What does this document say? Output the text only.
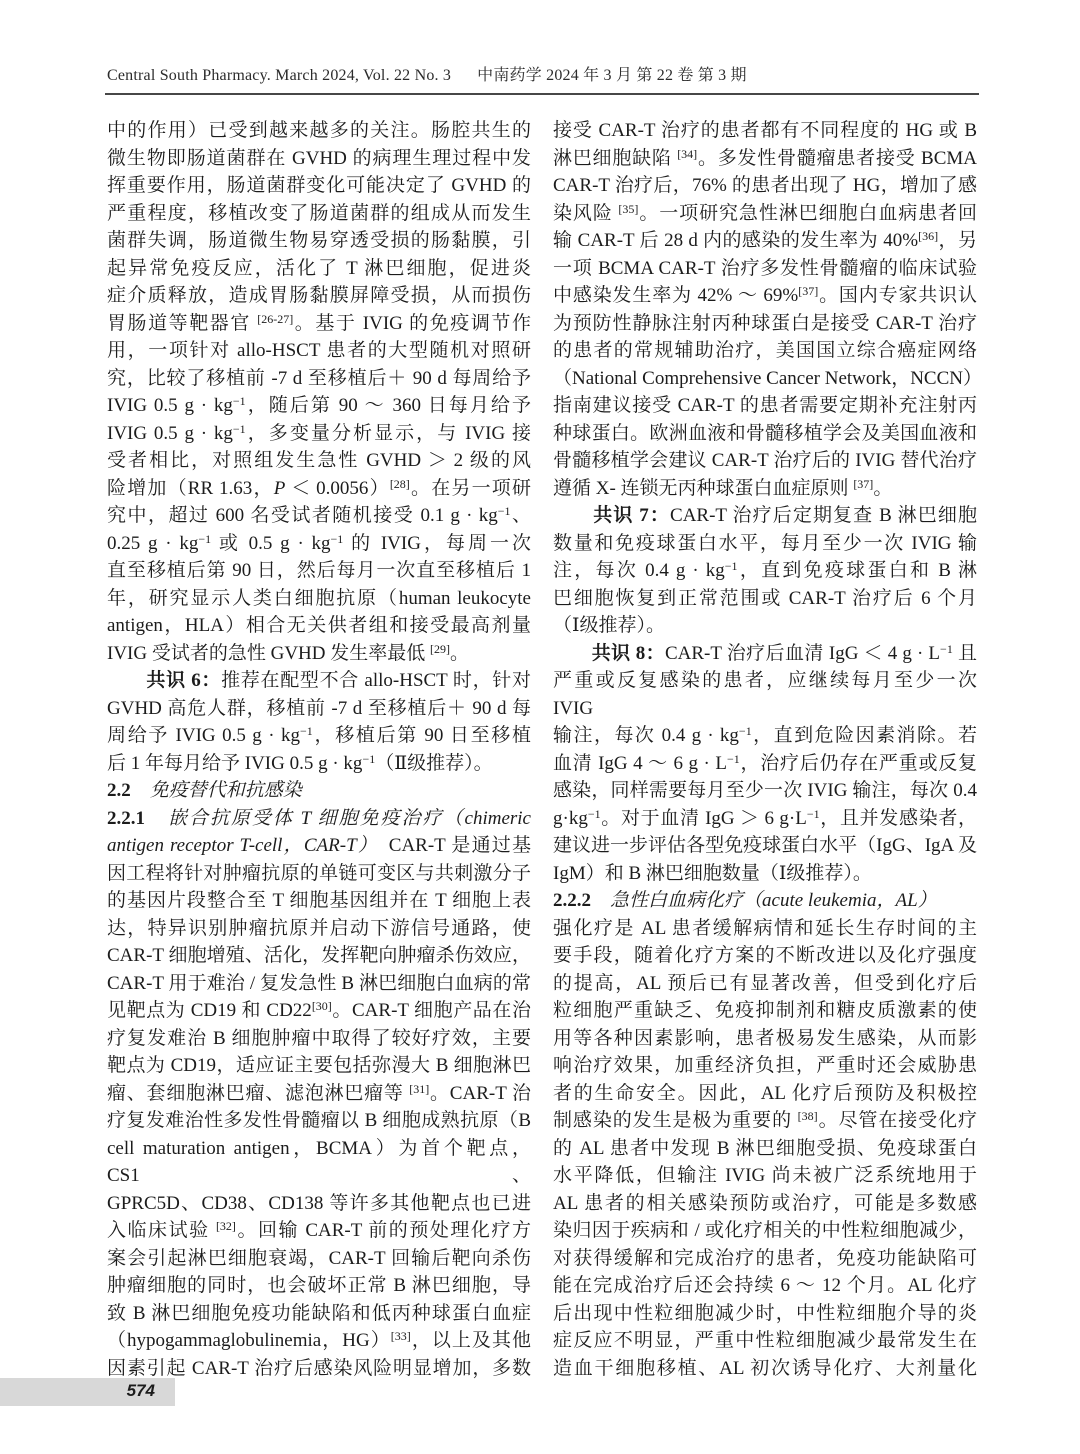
Central South Pharmacy. March 2024, Vol. 22 No. 3 中南药学 2024 年 3 月 第 22 卷 第 3 期
中的作用）已受到越来越多的关注。肠腔共生的
微生物即肠道菌群在 GVHD 的病理生理过程中发
挥重要作用，肠道菌群变化可能决定了 GVHD 的
严重程度，移植改变了肠道菌群的组成从而发生
菌群失调，肠道微生物易穿透受损的肠黏膜，引
起异常免疫反应，活化了 T 淋巴细胞，促进炎
症介质释放，造成胃肠黏膜屏障受损，从而损伤
胃肠道等靶器官 [26-27]。基于 IVIG 的免疫调节作
用，一项针对 allo-HSCT 患者的大型随机对照研
究，比较了移植前 -7 d 至移植后＋ 90 d 每周给予
IVIG 0.5 $g \cdot kg^{-1}$，随后第 90 ～ 360 日每月给予
IVIG 0.5 $g \cdot kg^{-1}$，多变量分析显示，与 IVIG 接
受者相比，对照组发生急性 GVHD ＞ 2 级的风
险增加（RR 1.63，P ＜ 0.0056）[28]。在另一项研
究中，超过 600 名受试者随机接受 0.1 $g \cdot kg^{-1}$、
0.25 $g \cdot kg^{-1}$ 或 0.5 $g \cdot kg^{-1}$ 的 IVIG，每周一次
直至移植后第 90 日，然后每月一次直至移植后 1
年，研究显示人类白细胞抗原（human leukocyte
antigen，HLA）相合无关供者组和接受最高剂量
IVIG 受试者的急性 GVHD 发生率最低 [29]。
　　共识 6：推荐在配型不合 allo-HSCT 时，针对
GVHD 高危人群，移植前 -7 d 至移植后＋ 90 d 每
周给予 IVIG 0.5 $g \cdot kg^{-1}$，移植后第 90 日至移植
后 1 年每月给予 IVIG 0.5 $g \cdot kg^{-1}(Ⅱ$级推荐）。
2.2　 免疫替代和抗感染
2.2.1　 嵌合抗原受体 T 细胞免疫治疗（chimeric
antigen receptor T-cell，CAR-T）　CAR-T 是通过基
因工程将针对肿瘤抗原的单链可变区与共刺激分子
的基因片段整合至 T 细胞基因组并在 T 细胞上表
达，特异识别肿瘤抗原并启动下游信号通路，使
CAR-T 细胞增殖、活化，发挥靶向肿瘤杀伤效应，
CAR-T 用于难治 / 复发急性 B 淋巴细胞白血病的常
见靶点为 CD19 和 CD22[30]。CAR-T 细胞产品在治
疗复发难治 B 细胞肿瘤中取得了较好疗效，主要
靶点为 CD19，适应证主要包括弥漫大 B 细胞淋巴
瘤、套细胞淋巴瘤、滤泡淋巴瘤等 [31]。CAR-T 治
疗复发难治性多发性骨髓瘤以 B 细胞成熟抗原（B
cell maturation antigen，BCMA）为首个靶点，CS1、
GPRC5D、CD38、CD138 等许多其他靶点也已进
入临床试验 [32]。回输 CAR-T 前的预处理化疗方
案会引起淋巴细胞衰竭，CAR-T 回输后靶向杀伤
肿瘤细胞的同时，也会破坏正常 B 淋巴细胞，导
致 B 淋巴细胞免疫功能缺陷和低丙种球蛋白血症
（hypogammaglobulinemia，HG）[33]，以上及其他
因素引起 CAR-T 治疗后感染风险明显增加，多数
接受 CAR-T 治疗的患者都有不同程度的 HG 或 B
淋巴细胞缺陷 [34]。多发性骨髓瘤患者接受 BCMA
CAR-T 治疗后，76% 的患者出现了 HG，增加了感
染风险 [35]。一项研究急性淋巴细胞白血病患者回
输 CAR-T 后 28 d 内的感染的发生率为 40%[36]，另
一项 BCMA CAR-T 治疗多发性骨髓瘤的临床试验
中感染发生率为 42% ～ 69%[37]。国内专家共识认
为预防性静脉注射丙种球蛋白是接受 CAR-T 治疗
的患者的常规辅助治疗，美国国立综合癌症网络
（National Comprehensive Cancer Network，NCCN）
指南建议接受 CAR-T 的患者需要定期补充注射丙
种球蛋白。欧洲血液和骨髓移植学会及美国血液和
骨髓移植学会建议 CAR-T 治疗后的 IVIG 替代治疗
遵循 X- 连锁无丙种球蛋白血症原则 [37]。
　　共识 7：CAR-T 治疗后定期复查 B 淋巴细胞
数量和免疫球蛋白水平，每月至少一次 IVIG 输
注，每次 0.4 $g \cdot kg^{-1}$，直到免疫球蛋白和 B 淋
巴细胞恢复到正常范围或 CAR-T 治疗后 6 个月
（Ⅰ级推荐）。
　　共识 8：CAR-T 治疗后血清 IgG ＜ 4 $g \cdot L^{-1}$ 且
严重或反复感染的患者，应继续每月至少一次 IVIG
输注，每次 0.4 $g \cdot kg^{-1}$，直到危险因素消除。若
血清 IgG 4 ～ 6 $g \cdot L^{-1}$，治疗后仍存在严重或反复
感染，同样需要每月至少一次 IVIG 输注，每次 0.4
$g\cdot kg^{-1}$。对于血清 IgG ＞ 6 $g\cdot L^{-1}$，且并发感染者，
建议进一步评估各型免疫球蛋白水平（IgG、IgA 及
IgM）和 B 淋巴细胞数量（Ⅰ级推荐）。
2.2.2　 急性白血病化疗（acute leukemia，AL）
强化疗是 AL 患者缓解病情和延长生存时间的主
要手段，随着化疗方案的不断改进以及化疗强度
的提高，AL 预后已有显著改善，但受到化疗后
粒细胞严重缺乏、免疫抑制剂和糖皮质激素的使
用等各种因素影响，患者极易发生感染，从而影
响治疗效果，加重经济负担，严重时还会威胁患
者的生命安全。因此，AL 化疗后预防及积极控
制感染的发生是极为重要的 [38]。尽管在接受化疗
的 AL 患者中发现 B 淋巴细胞受损、免疫球蛋白
水平降低，但输注 IVIG 尚未被广泛系统地用于
AL 患者的相关感染预防或治疗，可能是多数感
染归因于疾病和 / 或化疗相关的中性粒细胞减少，
对获得缓解和完成治疗的患者，免疫功能缺陷可
能在完成治疗后还会持续 6 ～ 12 个月。AL 化疗
后出现中性粒细胞减少时，中性粒细胞介导的炎
症反应不明显，严重中性粒细胞减少最常发生在
造血干细胞移植、AL 初次诱导化疗、大剂量化
574
